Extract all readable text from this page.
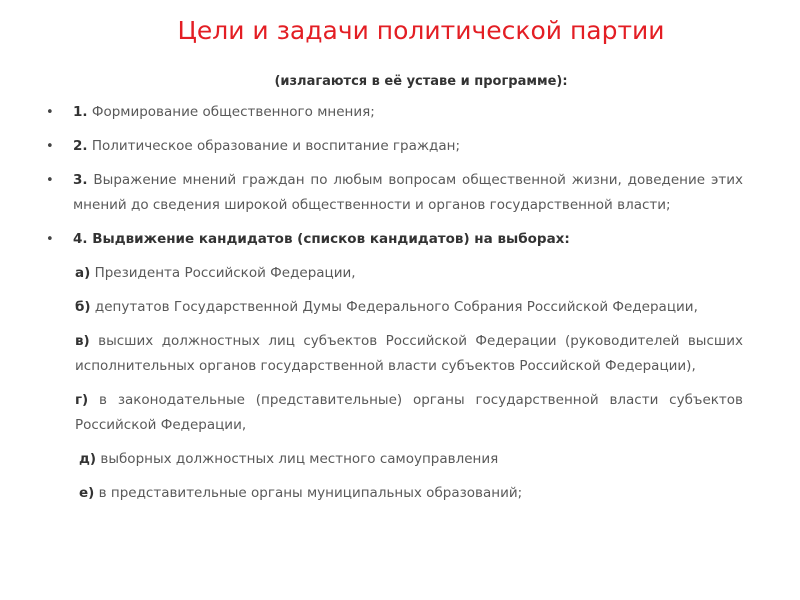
Цели и задачи политической партии
(излагаются в её уставе и программе):
• 1. Формирование общественного мнения;
• 2. Политическое образование и воспитание граждан;
• 3. Выражение мнений граждан по любым вопросам общественной жизни, доведение этих мнений до сведения широкой общественности и органов государственной власти;
• 4. Выдвижение кандидатов (списков кандидатов) на выборах:
а) Президента Российской Федерации,
б) депутатов Государственной Думы Федерального Собрания Российской Федерации,
в) высших должностных лиц субъектов Российской Федерации (руководителей высших исполнительных органов государственной власти субъектов Российской Федерации),
г) в законодательные (представительные) органы государственной власти субъектов Российской Федерации,
д) выборных должностных лиц местного самоуправления
е) в представительные органы муниципальных образований;
